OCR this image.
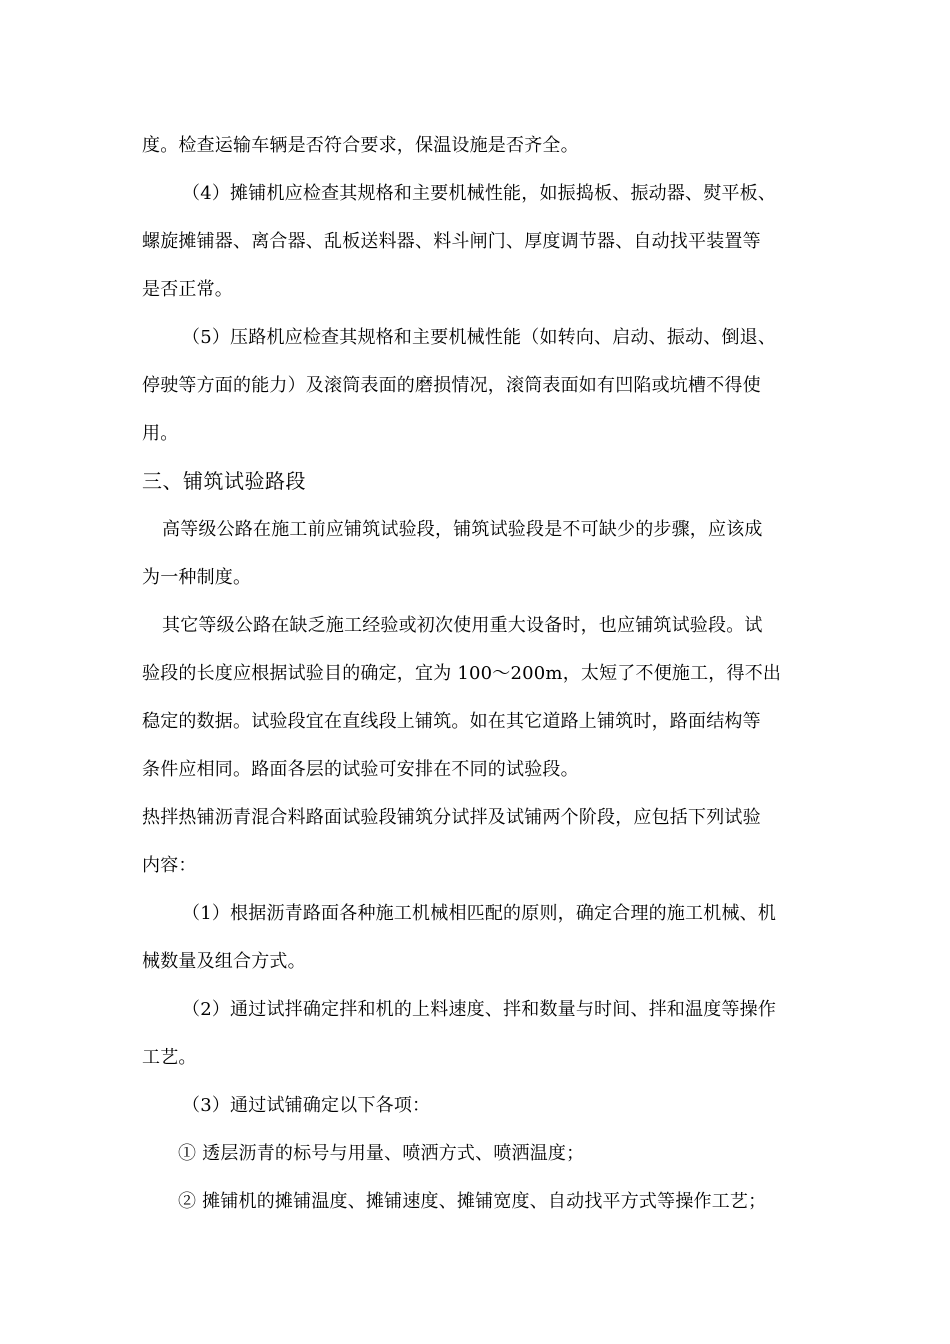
度。检查运输车辆是否符合要求，保温设施是否齐全。
（4）摊铺机应检查其规格和主要机械性能，如振捣板、振动器、熨平板、
螺旋摊铺器、离合器、乱板送料器、料斗闸门、厚度调节器、自动找平装置等
是否正常。
（5）压路机应检查其规格和主要机械性能（如转向、启动、振动、倒退、
停驶等方面的能力）及滚筒表面的磨损情况，滚筒表面如有凹陷或坑槽不得使
用。
三、铺筑试验路段
高等级公路在施工前应铺筑试验段，铺筑试验段是不可缺少的步骤，应该成
为一种制度。
其它等级公路在缺乏施工经验或初次使用重大设备时，也应铺筑试验段。试
验段的长度应根据试验目的确定，宜为 100～200m，太短了不便施工，得不出
稳定的数据。试验段宜在直线段上铺筑。如在其它道路上铺筑时，路面结构等
条件应相同。路面各层的试验可安排在不同的试验段。
热拌热铺沥青混合料路面试验段铺筑分试拌及试铺两个阶段，应包括下列试验
内容：
（1）根据沥青路面各种施工机械相匹配的原则，确定合理的施工机械、机
械数量及组合方式。
（2）通过试拌确定拌和机的上料速度、拌和数量与时间、拌和温度等操作
工艺。
（3）通过试铺确定以下各项：
① 透层沥青的标号与用量、喷洒方式、喷洒温度；
② 摊铺机的摊铺温度、摊铺速度、摊铺宽度、自动找平方式等操作工艺；
